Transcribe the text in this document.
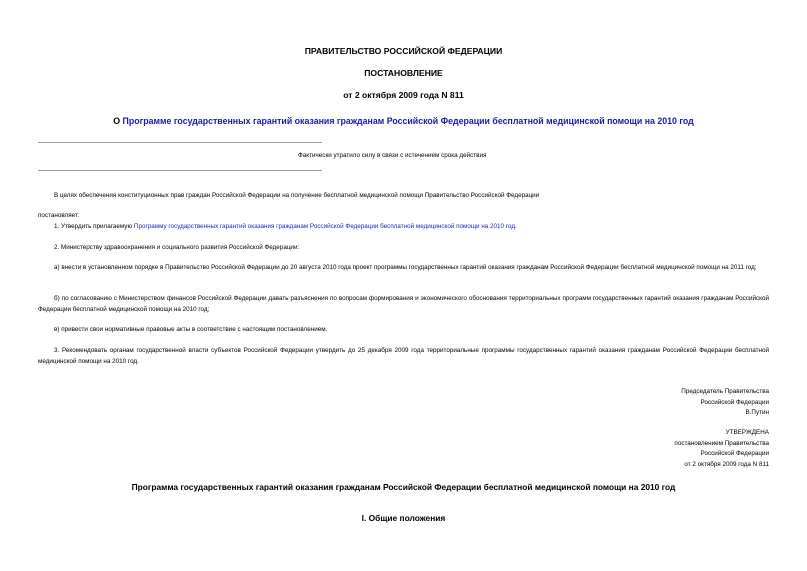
ПРАВИТЕЛЬСТВО РОССИЙСКОЙ ФЕДЕРАЦИИ
ПОСТАНОВЛЕНИЕ
от 2 октября 2009 года N 811
О Программе государственных гарантий оказания гражданам Российской Федерации бесплатной медицинской помощи на 2010 год
Фактически утратило силу в связи с истечением срока действия
В целях обеспечения конституционных прав граждан Российской Федерации на получение бесплатной медицинской помощи Правительство Российской Федерации
постановляет:
1. Утвердить прилагаемую Программу государственных гарантий оказания гражданам Российской Федерации бесплатной медицинской помощи на 2010 год.
2. Министерству здравоохранения и социального развития Российской Федерации:
а) внести в установленном порядке в Правительство Российской Федерации до 20 августа 2010 года проект программы государственных гарантий оказания гражданам Российской Федерации бесплатной медицинской помощи на 2011 год;
б) по согласованию с Министерством финансов Российской Федерации давать разъяснения по вопросам формирования и экономического обоснования территориальных программ государственных гарантий оказания гражданам Российской Федерации бесплатной медицинской помощи на 2010 год;
в) привести свои нормативные правовые акты в соответствие с настоящим постановлением.
3. Рекомендовать органам государственной власти субъектов Российской Федерации утвердить до 25 декабря 2009 года территориальные программы государственных гарантий оказания гражданам Российской Федерации бесплатной медицинской помощи на 2010 год.
Председатель Правительства
Российской Федерации
В.Путин
УТВЕРЖДЕНА
постановлением Правительства
Российской Федерации
от 2 октября 2009 года N 811
Программа государственных гарантий оказания гражданам Российской Федерации бесплатной медицинской помощи на 2010 год
I. Общие положения
